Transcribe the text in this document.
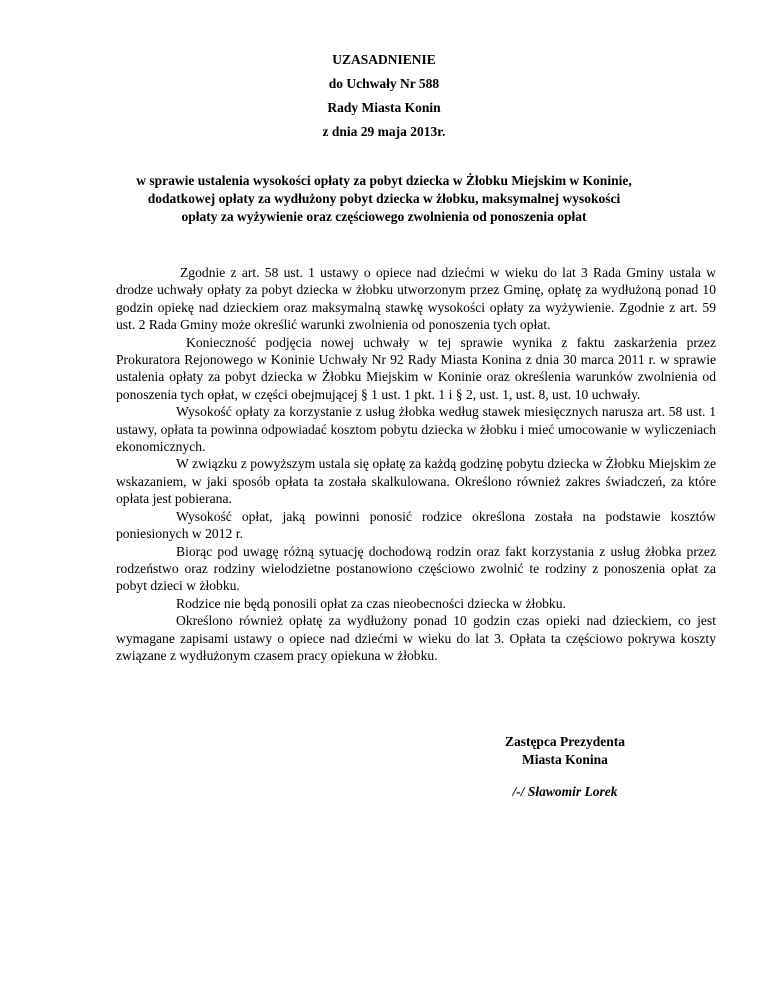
UZASADNIENIE
do Uchwały Nr 588
Rady Miasta Konin
z dnia 29 maja 2013r.
w sprawie ustalenia wysokości opłaty za pobyt dziecka w Żłobku Miejskim w Koninie,
dodatkowej opłaty za wydłużony pobyt dziecka w żłobku, maksymalnej wysokości
opłaty za wyżywienie oraz częściowego zwolnienia od ponoszenia opłat

Zgodnie z art. 58 ust. 1 ustawy o opiece nad dziećmi w wieku do lat 3 Rada Gminy ustala w drodze uchwały opłaty za pobyt dziecka w żłobku utworzonym przez Gminę, opłatę za wydłużoną ponad 10 godzin opiekę nad dzieckiem oraz maksymalną stawkę wysokości opłaty za wyżywienie. Zgodnie z art. 59 ust. 2 Rada Gminy może określić warunki zwolnienia od ponoszenia tych opłat.

Konieczność podjęcia nowej uchwały w tej sprawie wynika z faktu zaskarżenia przez Prokuratora Rejonowego w Koninie Uchwały Nr 92 Rady Miasta Konina z dnia 30 marca 2011 r. w sprawie ustalenia opłaty za pobyt dziecka w Żłobku Miejskim w Koninie oraz określenia warunków zwolnienia od ponoszenia tych opłat, w części obejmującej § 1 ust. 1 pkt. 1 i § 2, ust. 1, ust. 8, ust. 10 uchwały.

Wysokość opłaty za korzystanie z usług żłobka według stawek miesięcznych narusza art. 58 ust. 1 ustawy, opłata ta powinna odpowiadać kosztom pobytu dziecka w żłobku i mieć umocowanie w wyliczeniach ekonomicznych.

W związku z powyższym ustala się opłatę za każdą godzinę pobytu dziecka w Żłobku Miejskim ze wskazaniem, w jaki sposób opłata ta została skalkulowana. Określono również zakres świadczeń, za które opłata jest pobierana.

Wysokość opłat, jaką powinni ponosić rodzice określona została na podstawie kosztów poniesionych w 2012 r.

Biorąc pod uwagę różną sytuację dochodową rodzin oraz fakt korzystania z usług żłobka przez rodzeństwo oraz rodziny wielodzietne postanowiono częściowo zwolnić te rodziny z ponoszenia opłat za pobyt dzieci w żłobku.

Rodzice nie będą ponosili opłat za czas nieobecności dziecka w żłobku.

Określono również opłatę za wydłużony ponad 10 godzin czas opieki nad dzieckiem, co jest wymagane zapisami ustawy o opiece nad dziećmi w wieku do lat 3. Opłata ta częściowo pokrywa koszty związane z wydłużonym czasem pracy opiekuna w żłobku.

Zastępca Prezydenta
Miasta Konina
/-/ Sławomir Lorek
